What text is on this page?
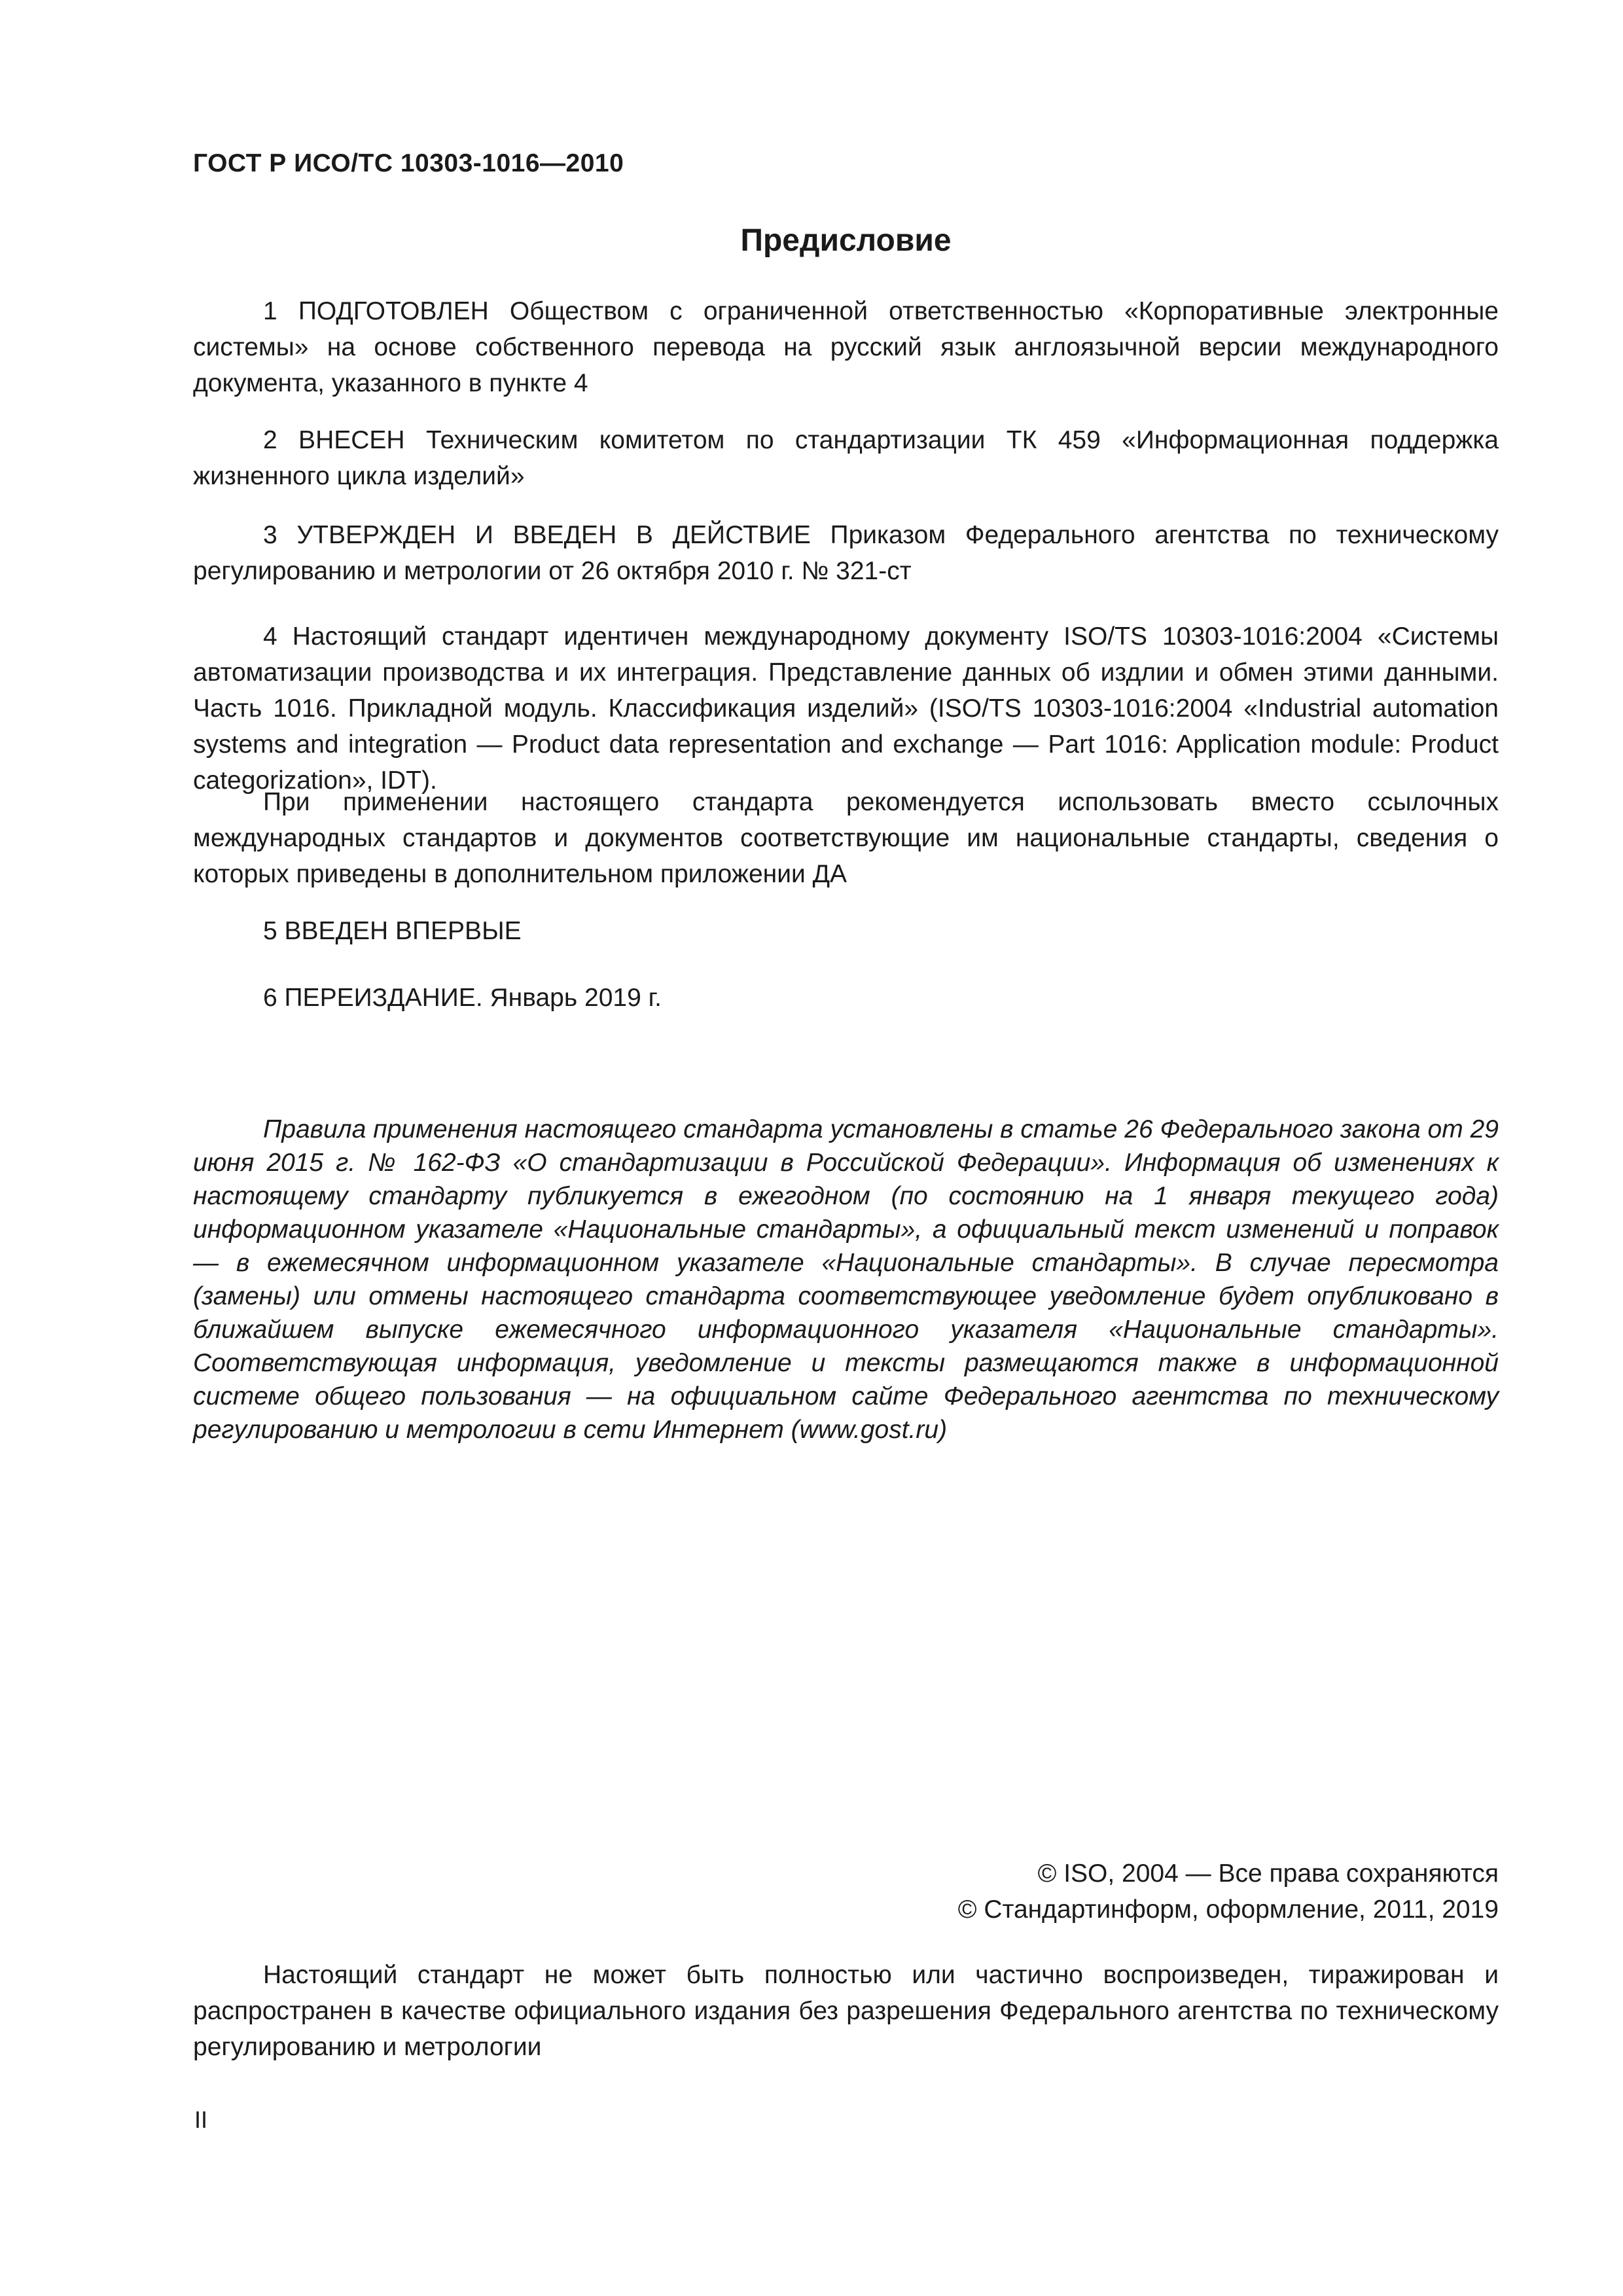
ГОСТ Р ИСО/ТС 10303-1016—2010
Предисловие

1 ПОДГОТОВЛЕН Обществом с ограниченной ответственностью «Корпоративные электронные системы» на основе собственного перевода на русский язык англоязычной версии международного документа, указанного в пункте 4

2 ВНЕСЕН Техническим комитетом по стандартизации ТК 459 «Информационная поддержка жизненного цикла изделий»

3 УТВЕРЖДЕН И ВВЕДЕН В ДЕЙСТВИЕ Приказом Федерального агентства по техническому регулированию и метрологии от 26 октября 2010 г. № 321-ст

4 Настоящий стандарт идентичен международному документу ISO/TS 10303-1016:2004 «Системы автоматизации производства и их интеграция. Представление данных об издлии и обмен этими данными. Часть 1016. Прикладной модуль. Классификация изделий» (ISO/TS 10303-1016:2004 «Industrial automation systems and integration — Product data representation and exchange — Part 1016: Application module: Product categorization», IDT).

При применении настоящего стандарта рекомендуется использовать вместо ссылочных международных стандартов и документов соответствующие им национальные стандарты, сведения о которых приведены в дополнительном приложении ДА

5 ВВЕДЕН ВПЕРВЫЕ

6 ПЕРЕИЗДАНИЕ. Январь 2019 г.

Правила применения настоящего стандарта установлены в статье 26 Федерального закона от 29 июня 2015 г. № 162-ФЗ «О стандартизации в Российской Федерации». Информация об изменениях к настоящему стандарту публикуется в ежегодном (по состоянию на 1 января текущего года) информационном указателе «Национальные стандарты», а официальный текст изменений и поправок — в ежемесячном информационном указателе «Национальные стандарты». В случае пересмотра (замены) или отмены настоящего стандарта соответствующее уведомление будет опубликовано в ближайшем выпуске ежемесячного информационного указателя «Национальные стандарты». Соответствующая информация, уведомление и тексты размещаются также в информационной системе общего пользования — на официальном сайте Федерального агентства по техническому регулированию и метрологии в сети Интернет (www.gost.ru)

© ISO, 2004 — Все права сохраняются
© Стандартинформ, оформление, 2011, 2019

Настоящий стандарт не может быть полностью или частично воспроизведен, тиражирован и распространен в качестве официального издания без разрешения Федерального агентства по техническому регулированию и метрологии

II
